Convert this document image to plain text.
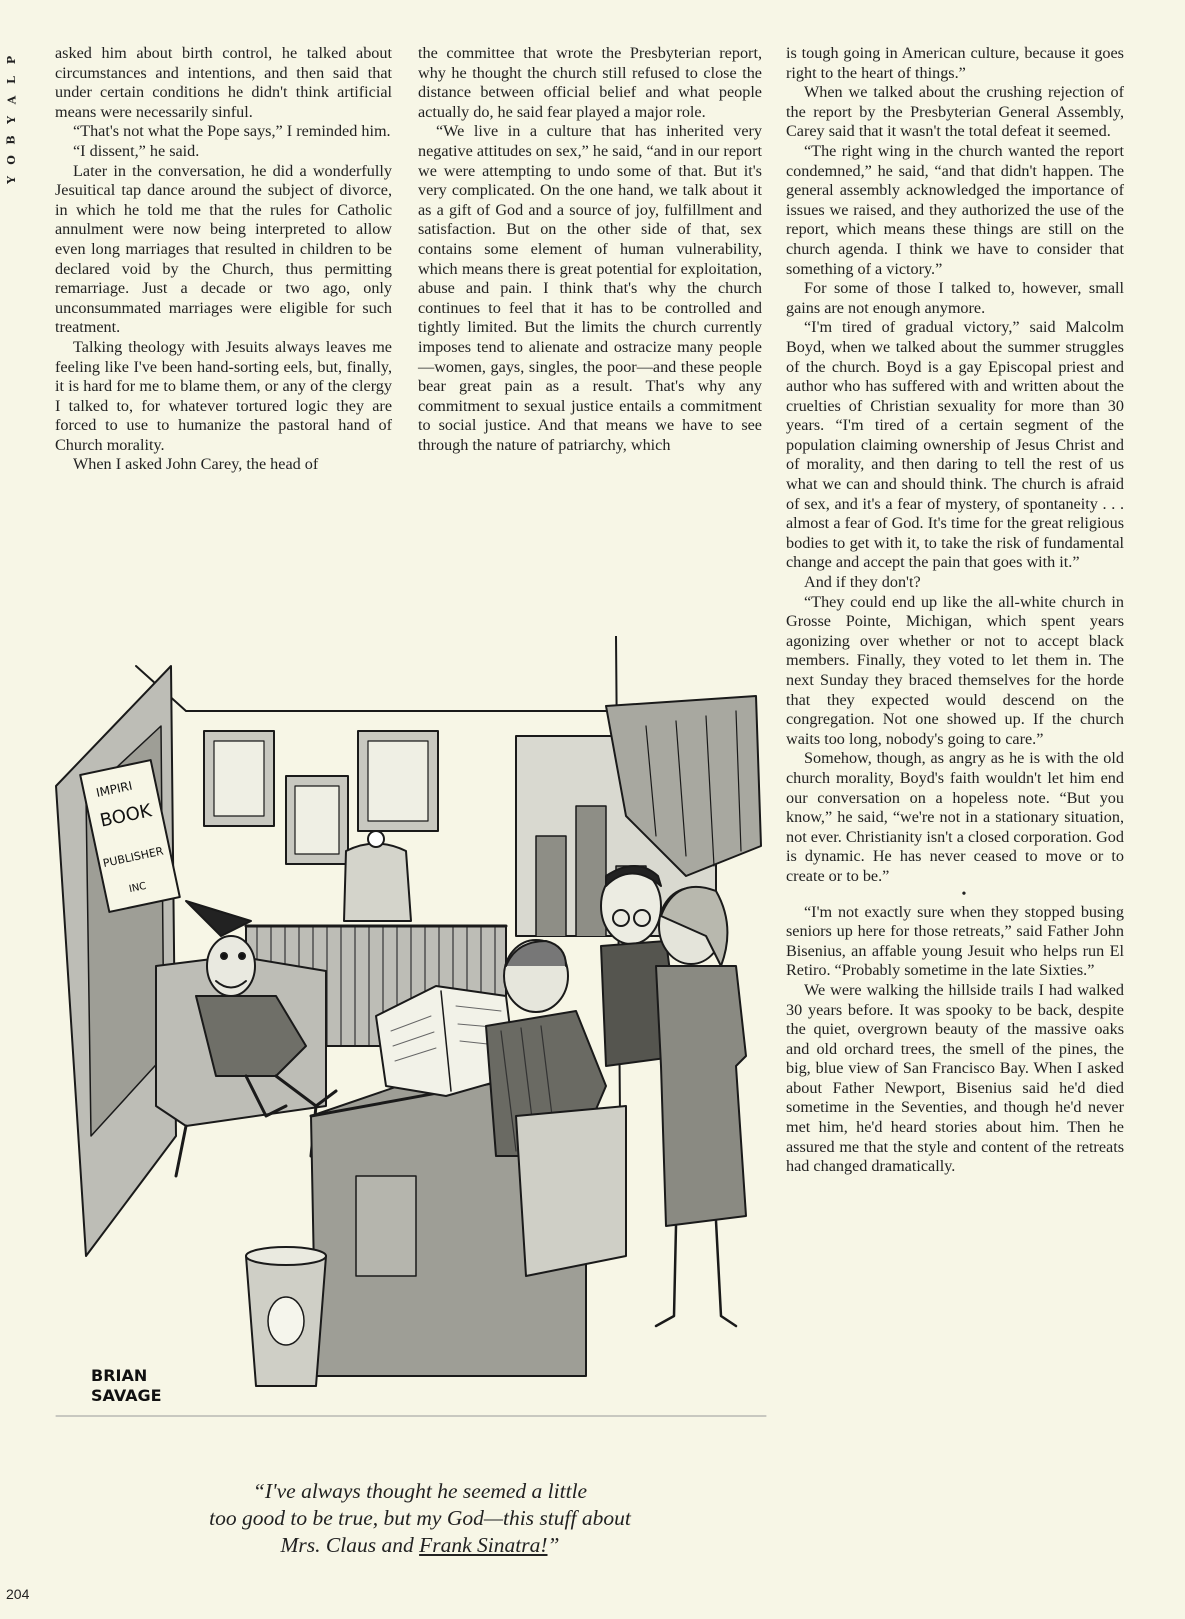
P
L
A
Y
B
O
Y

asked him about birth control, he talked about circumstances and intentions, and then said that under certain conditions he didn't think artificial means were necessarily sinful.

“That's not what the Pope says,” I reminded him.

“I dissent,” he said.

Later in the conversation, he did a wonderfully Jesuitical tap dance around the subject of divorce, in which he told me that the rules for Catholic annulment were now being interpreted to allow even long marriages that resulted in children to be declared void by the Church, thus permitting remarriage. Just a decade or two ago, only unconsummated marriages were eligible for such treatment.

Talking theology with Jesuits always leaves me feeling like I've been hand-sorting eels, but, finally, it is hard for me to blame them, or any of the clergy I talked to, for whatever tortured logic they are forced to use to humanize the pastoral hand of Church morality.

When I asked John Carey, the head of

the committee that wrote the Presbyterian report, why he thought the church still refused to close the distance between official belief and what people actually do, he said fear played a major role.

“We live in a culture that has inherited very negative attitudes on sex,” he said, “and in our report we were attempting to undo some of that. But it's very complicated. On the one hand, we talk about it as a gift of God and a source of joy, fulfillment and satisfaction. But on the other side of that, sex contains some element of human vulnerability, which means there is great potential for exploitation, abuse and pain. I think that's why the church continues to feel that it has to be controlled and tightly limited. But the limits the church currently imposes tend to alienate and ostracize many people—women, gays, singles, the poor—and these people bear great pain as a result. That's why any commitment to sexual justice entails a commitment to social justice. And that means we have to see through the nature of patriarchy, which

is tough going in American culture, because it goes right to the heart of things.”

When we talked about the crushing rejection of the report by the Presbyterian General Assembly, Carey said that it wasn't the total defeat it seemed.

“The right wing in the church wanted the report condemned,” he said, “and that didn't happen. The general assembly acknowledged the importance of issues we raised, and they authorized the use of the report, which means these things are still on the church agenda. I think we have to consider that something of a victory.”

For some of those I talked to, however, small gains are not enough anymore.

“I'm tired of gradual victory,” said Malcolm Boyd, when we talked about the summer struggles of the church. Boyd is a gay Episcopal priest and author who has suffered with and written about the cruelties of Christian sexuality for more than 30 years. “I'm tired of a certain segment of the population claiming ownership of Jesus Christ and of morality, and then daring to tell the rest of us what we can and should think. The church is afraid of sex, and it's a fear of mystery, of spontaneity . . . almost a fear of God. It's time for the great religious bodies to get with it, to take the risk of fundamental change and accept the pain that goes with it.”

And if they don't?

“They could end up like the all-white church in Grosse Pointe, Michigan, which spent years agonizing over whether or not to accept black members. Finally, they voted to let them in. The next Sunday they braced themselves for the horde that they expected would descend on the congregation. Not one showed up. If the church waits too long, nobody's going to care.”

Somehow, though, as angry as he is with the old church morality, Boyd's faith wouldn't let him end our conversation on a hopeless note. “But you know,” he said, “we're not in a stationary situation, not ever. Christianity isn't a closed corporation. God is dynamic. He has never ceased to move or to create or to be.”

•

“I'm not exactly sure when they stopped busing seniors up here for those retreats,” said Father John Bisenius, an affable young Jesuit who helps run El Retiro. “Probably sometime in the late Sixties.”

We were walking the hillside trails I had walked 30 years before. It was spooky to be back, despite the quiet, overgrown beauty of the massive oaks and old orchard trees, the smell of the pines, the big, blue view of San Francisco Bay. When I asked about Father Newport, Bisenius said he'd died sometime in the Seventies, and though he'd never met him, he'd heard stories about him. Then he assured me that the style and content of the retreats had changed dramatically.

IMPIRI
BOOK
PUBLISHER
INC
BRIAN
SAVAGE
“I've always thought he seemed a little
too good to be true, but my God—this stuff about
Mrs. Claus and Frank Sinatra!”
204
